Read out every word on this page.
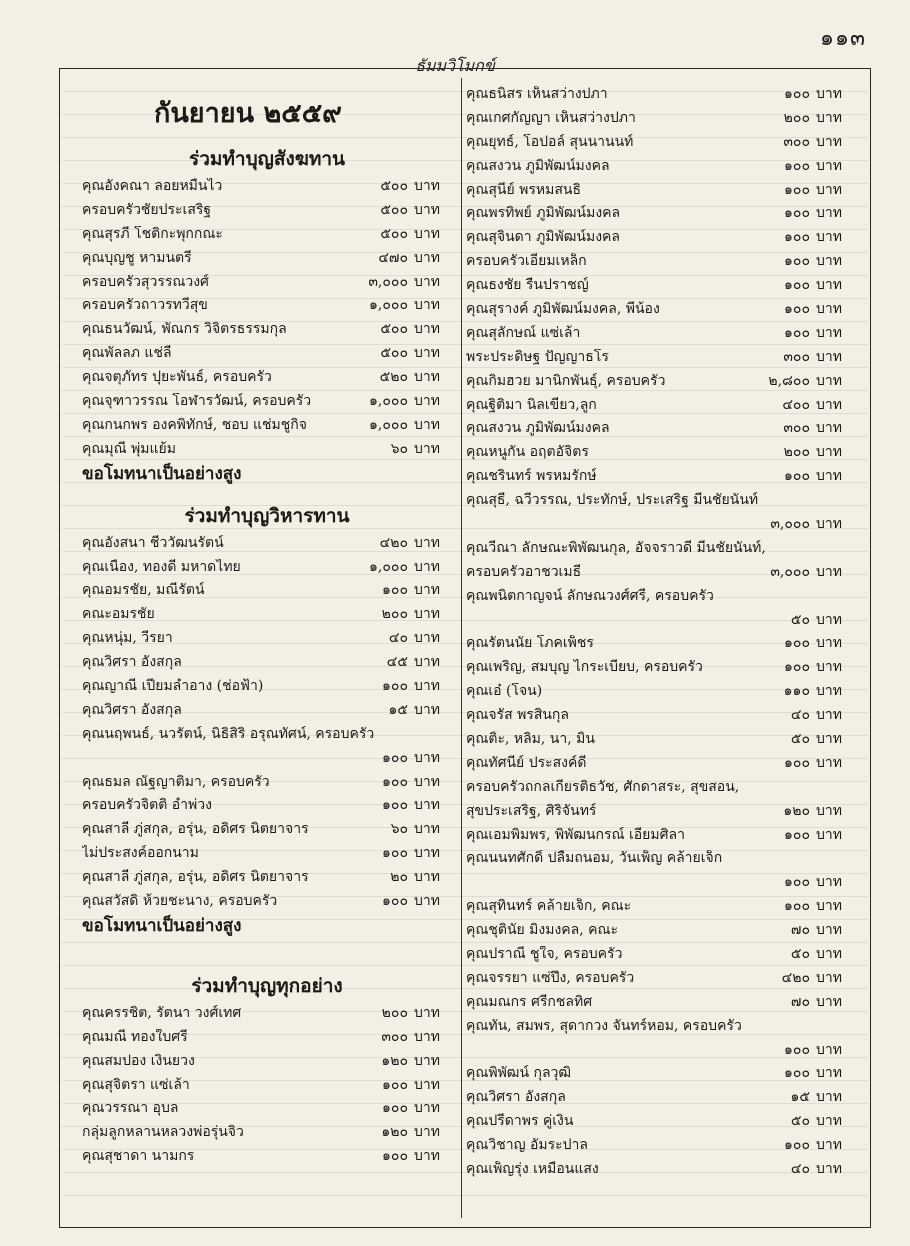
๑๑๓
ธัมมวิโมกข์
กันยายน ๒๕๕๙
ร่วมทำบุญสังฆทาน
คุณอังคณา ลอยหมื่นไว	๕๐๐ บาท
ครอบครัวชัยประเสริฐ	๕๐๐ บาท
คุณสุรภี โชติกะพุกกณะ	๕๐๐ บาท
คุณบุญชู หามนตรี	๔๗๐ บาท
ครอบครัวสุวรรณวงศ์	๓,๐๐๐ บาท
ครอบครัวถาวรทวีสุข	๑,๐๐๐ บาท
คุณธนวัฒน์, พัณกร วิจิตรธรรมกุล	๕๐๐ บาท
คุณพัลลภ แช่ลี้	๕๐๐ บาท
คุณจตุภัทร ปุยะพันธ์, ครอบครัว	๕๒๐ บาท
คุณจุฑาวรรณ โอฬารวัฒน์, ครอบครัว	๑,๐๐๐ บาท
คุณกนกพร องคพิทักษ์, ชอบ แช่มชูกิจ	๑,๐๐๐ บาท
คุณมุณี พุ่มแย้ม	๖๐ บาท
ขอโมทนาเป็นอย่างสูง
ร่วมทำบุญวิหารทาน
คุณอังสนา ชีววัฒนรัตน์	๔๒๐ บาท
คุณเนื่อง, ทองดี มหาดไทย	๑,๐๐๐ บาท
คุณอมรชัย, มณีรัตน์	๑๐๐ บาท
คณะอมรชัย	๒๐๐ บาท
คุณหนุ่ม, วีรยา	๔๐ บาท
คุณวิศรา อังสกุล	๔๕ บาท
คุณญาณี เปี่ยมลำอาง (ช่อฟ้า)	๑๐๐ บาท
คุณวิศรา อังสกุล	๑๕ บาท
คุณนฤพนธ์, นวรัตน์, นิธิสิริ อรุณทัศน์, ครอบครัว
๑๐๐ บาท
คุณธมล ณัฐญาติมา, ครอบครัว	๑๐๐ บาท
ครอบครัวจิตติ อำพ่วง	๑๐๐ บาท
คุณสาลี ภู่สกุล, อรุ่น, อดิศร นิตยาจาร	๖๐ บาท
ไม่ประสงค์ออกนาม	๑๐๐ บาท
คุณสาลี ภู่สกุล, อรุ่น, อดิศร นิตยาจาร	๒๐ บาท
คุณสวัสดิ ห้วยชะนาง, ครอบครัว	๑๐๐ บาท
ขอโมทนาเป็นอย่างสูง
ร่วมทำบุญทุกอย่าง
คุณครรชิต, รัตนา วงศ์เทศ	๒๐๐ บาท
คุณมณี ทองใบศรี	๓๐๐ บาท
คุณสมปอง เงินยวง	๑๒๐ บาท
คุณสุจิตรา แซ่เล้า	๑๐๐ บาท
คุณวรรณา อุบล	๑๐๐ บาท
กลุ่มลูกหลานหลวงพ่อรุ่นจิ๋ว	๑๒๐ บาท
คุณสุชาดา นามกร	๑๐๐ บาท
คุณธนิสร เห็นสว่างปภา	๑๐๐ บาท
คุณเกศกัญญา เห็นสว่างปภา	๒๐๐ บาท
คุณยุทธ์, โอปอล์ สุนนานนท์	๓๐๐ บาท
คุณสงวน ภูมิพัฒน์มงคล	๑๐๐ บาท
คุณสุนีย์ พรหมสนธิ	๑๐๐ บาท
คุณพรทิพย์ ภูมิพัฒน์มงคล	๑๐๐ บาท
คุณสุจินดา ภูมิพัฒน์มงคล	๑๐๐ บาท
ครอบครัวเอี่ยมเหล็ก	๑๐๐ บาท
คุณธงชัย รื่นปราชญ์	๑๐๐ บาท
คุณสุรางค์ ภูมิพัฒน์มงคล, พี่น้อง	๑๐๐ บาท
คุณสุลักษณ์ แซ่เล้า	๑๐๐ บาท
พระประดิษฐ ปัญญาธโร	๓๐๐ บาท
คุณกิมฮวย มานิกพันธุ์, ครอบครัว	๒,๘๐๐ บาท
คุณฐิติมา นิลเขียว,ลูก	๔๐๐ บาท
คุณสงวน ภูมิพัฒน์มงคล	๓๐๐ บาท
คุณหนูกัน อฤตอัจิตร	๒๐๐ บาท
คุณชรินทร์ พรหมรักษ์	๑๐๐ บาท
คุณสุธี, ฉวีวรรณ, ประทักษ์, ประเสริฐ มีนชัยนันท์
๓,๐๐๐ บาท
คุณวีณา ลักษณะพิพัฒนกุล, อัจจราวดี มีนชัยนันท์,
ครอบครัวอาชวเมธี	๓,๐๐๐ บาท
คุณพนิตกาญจน์ ลักษณวงศ์ศรี, ครอบครัว
๕๐ บาท
คุณรัตนนัย โภคเพ็ชร	๑๐๐ บาท
คุณเพริญ, สมบุญ ไกระเบียบ, ครอบครัว	๑๐๐ บาท
คุณเอ๋ (โจน)	๑๑๐ บาท
คุณจรัส พรสินกุล	๔๐ บาท
คุณติ๊ะ, หลิม, นา, มิ้น	๕๐ บาท
คุณทัศนีย์ ประสงค์ดี	๑๐๐ บาท
ครอบครัวถกลเกียรติธวัช, ศักดาสระ, สุขสอน,
สุขประเสริฐ, ศิริจันทร์	๑๒๐ บาท
คุณเอมพิมพร, พิพัฒนกรณ์ เอี่ยมศิลา	๑๐๐ บาท
คุณนนทศักดิ์ ปลื้มถนอม, วันเพ็ญ คล้ายเจ็ก
๑๐๐ บาท
คุณสุทินทร์ คล้ายเจ็ก, คณะ	๑๐๐ บาท
คุณชุตินัย มิ่งมงคล, คณะ	๗๐ บาท
คุณปราณี ชูใจ, ครอบครัว	๕๐ บาท
คุณจรรยา แซ่ปึง, ครอบครัว	๔๒๐ บาท
คุณมณกร ศรีกชลทิศ	๗๐ บาท
คุณทัน, สมพร, สุดากวง จันทร์หอม, ครอบครัว
๑๐๐ บาท
คุณพิพัฒน์ กุลวุฒิ	๑๐๐ บาท
คุณวิศรา อังสกุล	๑๕ บาท
คุณปรีดาพร คู่เงิน	๕๐ บาท
คุณวิชาญ อัมระปาล	๑๐๐ บาท
คุณเพ็ญรุ่ง เหมือนแสง	๔๐ บาท
